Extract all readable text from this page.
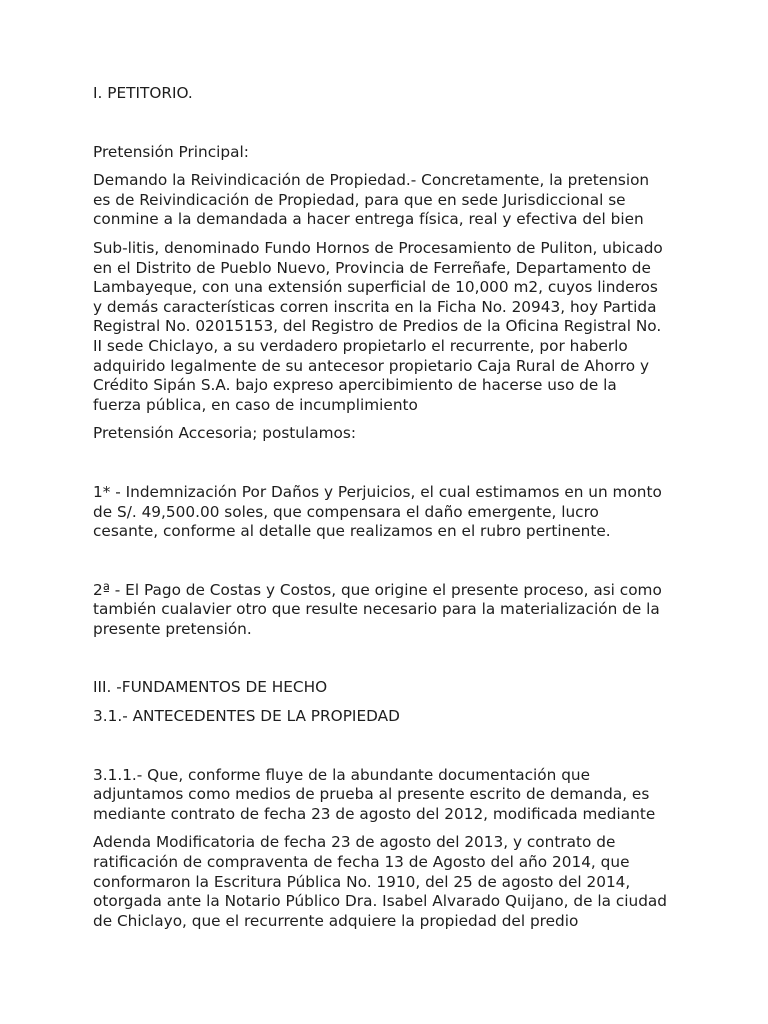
I. PETITORIO.

Pretensión Principal:

Demando la Reivindicación de Propiedad.- Concretamente, la pretension
es de Reivindicación de Propiedad, para que en sede Jurisdiccional se
conmine a la demandada a hacer entrega física, real y efectiva del bien

Sub-litis, denominado Fundo Hornos de Procesamiento de Puliton, ubicado
en el Distrito de Pueblo Nuevo, Provincia de Ferreñafe, Departamento de
Lambayeque, con una extensión superficial de 10,000 m2, cuyos linderos
y demás características corren inscrita en la Ficha No. 20943, hoy Partida
Registral No. 02015153, del Registro de Predios de la Oficina Registral No.
II sede Chiclayo, a su verdadero propietarlo el recurrente, por haberlo
adquirido legalmente de su antecesor propietario Caja Rural de Ahorro y
Crédito Sipán S.A. bajo expreso apercibimiento de hacerse uso de la
fuerza pública, en caso de incumplimiento

Pretensión Accesoria; postulamos:

1* - Indemnización Por Daños y Perjuicios, el cual estimamos en un monto
de S/. 49,500.00 soles, que compensara el daño emergente, lucro
cesante, conforme al detalle que realizamos en el rubro pertinente.

2ª - El Pago de Costas y Costos, que origine el presente proceso, asi como
también cualavier otro que resulte necesario para la materialización de la
presente pretensión.

III. -FUNDAMENTOS DE HECHO

3.1.- ANTECEDENTES DE LA PROPIEDAD

3.1.1.- Que, conforme fluye de la abundante documentación que
adjuntamos como medios de prueba al presente escrito de demanda, es
mediante contrato de fecha 23 de agosto del 2012, modificada mediante

Adenda Modificatoria de fecha 23 de agosto del 2013, y contrato de
ratificación de compraventa de fecha 13 de Agosto del año 2014, que
conformaron la Escritura Pública No. 1910, del 25 de agosto del 2014,
otorgada ante la Notario Público Dra. Isabel Alvarado Quijano, de la ciudad
de Chiclayo, que el recurrente adquiere la propiedad del predio
